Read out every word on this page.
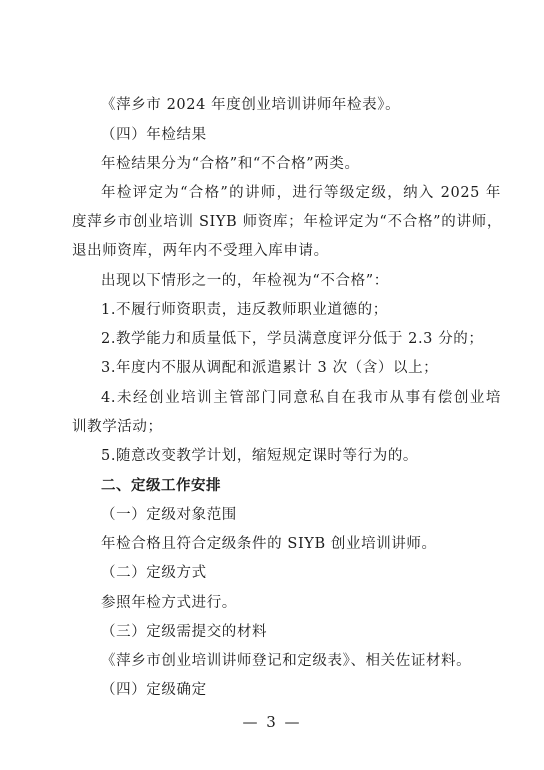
《萍乡市 2024 年度创业培训讲师年检表》。
（四）年检结果
年检结果分为“合格”和“不合格”两类。
年检评定为“合格”的讲师，进行等级定级，纳入 2025 年
度萍乡市创业培训 SIYB 师资库；年检评定为“不合格”的讲师，
退出师资库，两年内不受理入库申请。
出现以下情形之一的，年检视为“不合格”：
1.不履行师资职责，违反教师职业道德的；
2.教学能力和质量低下，学员满意度评分低于 2.3 分的；
3.年度内不服从调配和派遣累计 3 次（含）以上；
4.未经创业培训主管部门同意私自在我市从事有偿创业培
训教学活动；
5.随意改变教学计划，缩短规定课时等行为的。
二、定级工作安排
（一）定级对象范围
年检合格且符合定级条件的 SIYB 创业培训讲师。
（二）定级方式
参照年检方式进行。
（三）定级需提交的材料
《萍乡市创业培训讲师登记和定级表》、相关佐证材料。
（四）定级确定
— 3 —
